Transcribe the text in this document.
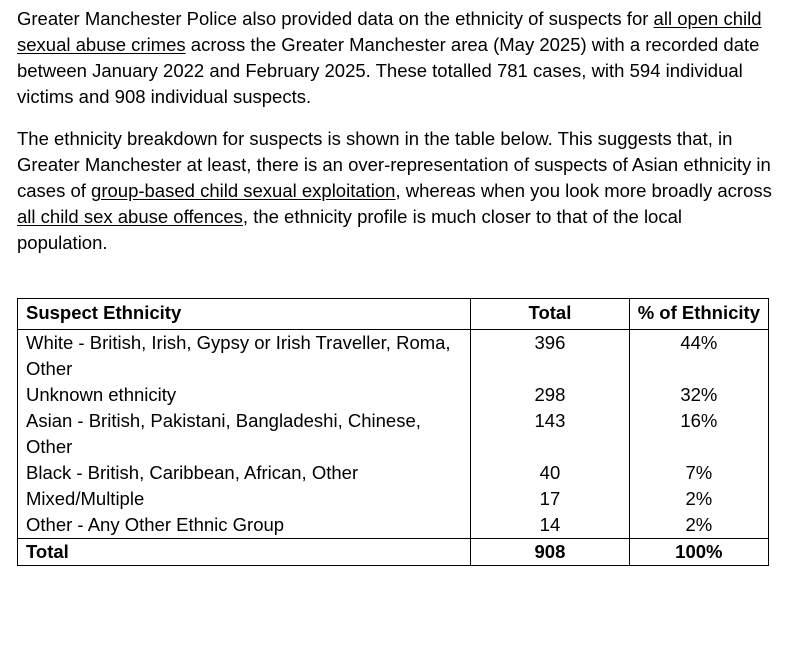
Greater Manchester Police also provided data on the ethnicity of suspects for all open child sexual abuse crimes across the Greater Manchester area (May 2025) with a recorded date between January 2022 and February 2025. These totalled 781 cases, with 594 individual victims and 908 individual suspects.

The ethnicity breakdown for suspects is shown in the table below. This suggests that, in Greater Manchester at least, there is an over-representation of suspects of Asian ethnicity in cases of group-based child sexual exploitation, whereas when you look more broadly across all child sex abuse offences, the ethnicity profile is much closer to that of the local population.

Suspect Ethnicity	Total	% of Ethnicity
White - British, Irish, Gypsy or Irish Traveller, Roma, Other	396	44%
Unknown ethnicity	298	32%
Asian - British, Pakistani, Bangladeshi, Chinese, Other	143	16%
Black - British, Caribbean, African, Other	40	7%
Mixed/Multiple	17	2%
Other - Any Other Ethnic Group	14	2%
Total	908	100%
